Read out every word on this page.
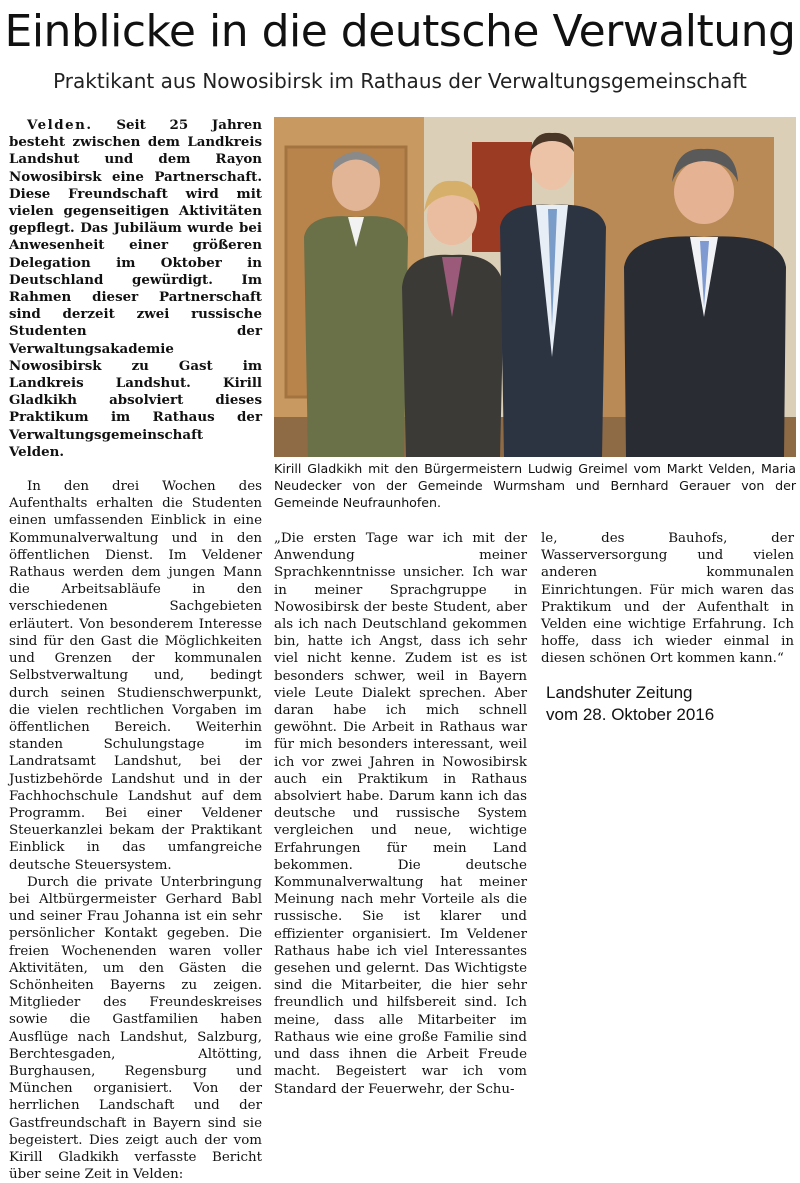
Einblicke in die deutsche Verwaltung
Praktikant aus Nowosibirsk im Rathaus der Verwaltungsgemeinschaft

Velden. Seit 25 Jahren besteht zwischen dem Landkreis Landshut und dem Rayon Nowosibirsk eine Partnerschaft. Diese Freundschaft wird mit vielen gegenseitigen Aktivitäten gepflegt. Das Jubiläum wurde bei Anwesenheit einer größeren Delegation im Oktober in Deutschland gewürdigt. Im Rahmen dieser Partnerschaft sind derzeit zwei russische Studenten der Verwaltungsakademie Nowosibirsk zu Gast im Landkreis Landshut. Kirill Gladkikh absolviert dieses Praktikum im Rathaus der Verwaltungsgemeinschaft Velden.

In den drei Wochen des Aufenthalts erhalten die Studenten einen umfassenden Einblick in eine Kommunalverwaltung und in den öffentlichen Dienst. Im Veldener Rathaus werden dem jungen Mann die Arbeitsabläufe in den verschiedenen Sachgebieten erläutert. Von besonderem Interesse sind für den Gast die Möglichkeiten und Grenzen der kommunalen Selbstverwaltung und, bedingt durch seinen Studienschwerpunkt, die vielen rechtlichen Vorgaben im öffentlichen Bereich. Weiterhin standen Schulungstage im Landratsamt Landshut, bei der Justizbehörde Landshut und in der Fachhochschule Landshut auf dem Programm. Bei einer Veldener Steuerkanzlei bekam der Praktikant Einblick in das umfangreiche deutsche Steuersystem.

Durch die private Unterbringung bei Altbürgermeister Gerhard Babl und seiner Frau Johanna ist ein sehr persönlicher Kontakt gegeben. Die freien Wochenenden waren voller Aktivitäten, um den Gästen die Schönheiten Bayerns zu zeigen. Mitglieder des Freundeskreises sowie die Gastfamilien haben Ausflüge nach Landshut, Salzburg, Berchtesgaden, Altötting, Burghausen, Regensburg und München organisiert. Von der herrlichen Landschaft und der Gastfreundschaft in Bayern sind sie begeistert. Dies zeigt auch der vom Kirill Gladkikh verfasste Bericht über seine Zeit in Velden:

Kirill Gladkikh mit den Bürgermeistern Ludwig Greimel vom Markt Velden, Maria Neudecker von der Gemeinde Wurmsham und Bernhard Gerauer von der Gemeinde Neufraunhofen.

„Die ersten Tage war ich mit der Anwendung meiner Sprachkenntnisse unsicher. Ich war in meiner Sprachgruppe in Nowosibirsk der beste Student, aber als ich nach Deutschland gekommen bin, hatte ich Angst, dass ich sehr viel nicht kenne. Zudem ist es ist besonders schwer, weil in Bayern viele Leute Dialekt sprechen. Aber daran habe ich mich schnell gewöhnt. Die Arbeit in Rathaus war für mich besonders interessant, weil ich vor zwei Jahren in Nowosibirsk auch ein Praktikum in Rathaus absolviert habe. Darum kann ich das deutsche und russische System vergleichen und neue, wichtige Erfahrungen für mein Land bekommen. Die deutsche Kommunalverwaltung hat meiner Meinung nach mehr Vorteile als die russische. Sie ist klarer und effizienter organisiert. Im Veldener Rathaus habe ich viel Interessantes gesehen und gelernt. Das Wichtigste sind die Mitarbeiter, die hier sehr freundlich und hilfsbereit sind. Ich meine, dass alle Mitarbeiter im Rathaus wie eine große Familie sind und dass ihnen die Arbeit Freude macht. Begeistert war ich vom Standard der Feuerwehr, der Schu-

le, des Bauhofs, der Wasserversorgung und vielen anderen kommunalen Einrichtungen. Für mich waren das Praktikum und der Aufenthalt in Velden eine wichtige Erfahrung. Ich hoffe, dass ich wieder einmal in diesen schönen Ort kommen kann.“

Landshuter Zeitung
vom 28. Oktober 2016
